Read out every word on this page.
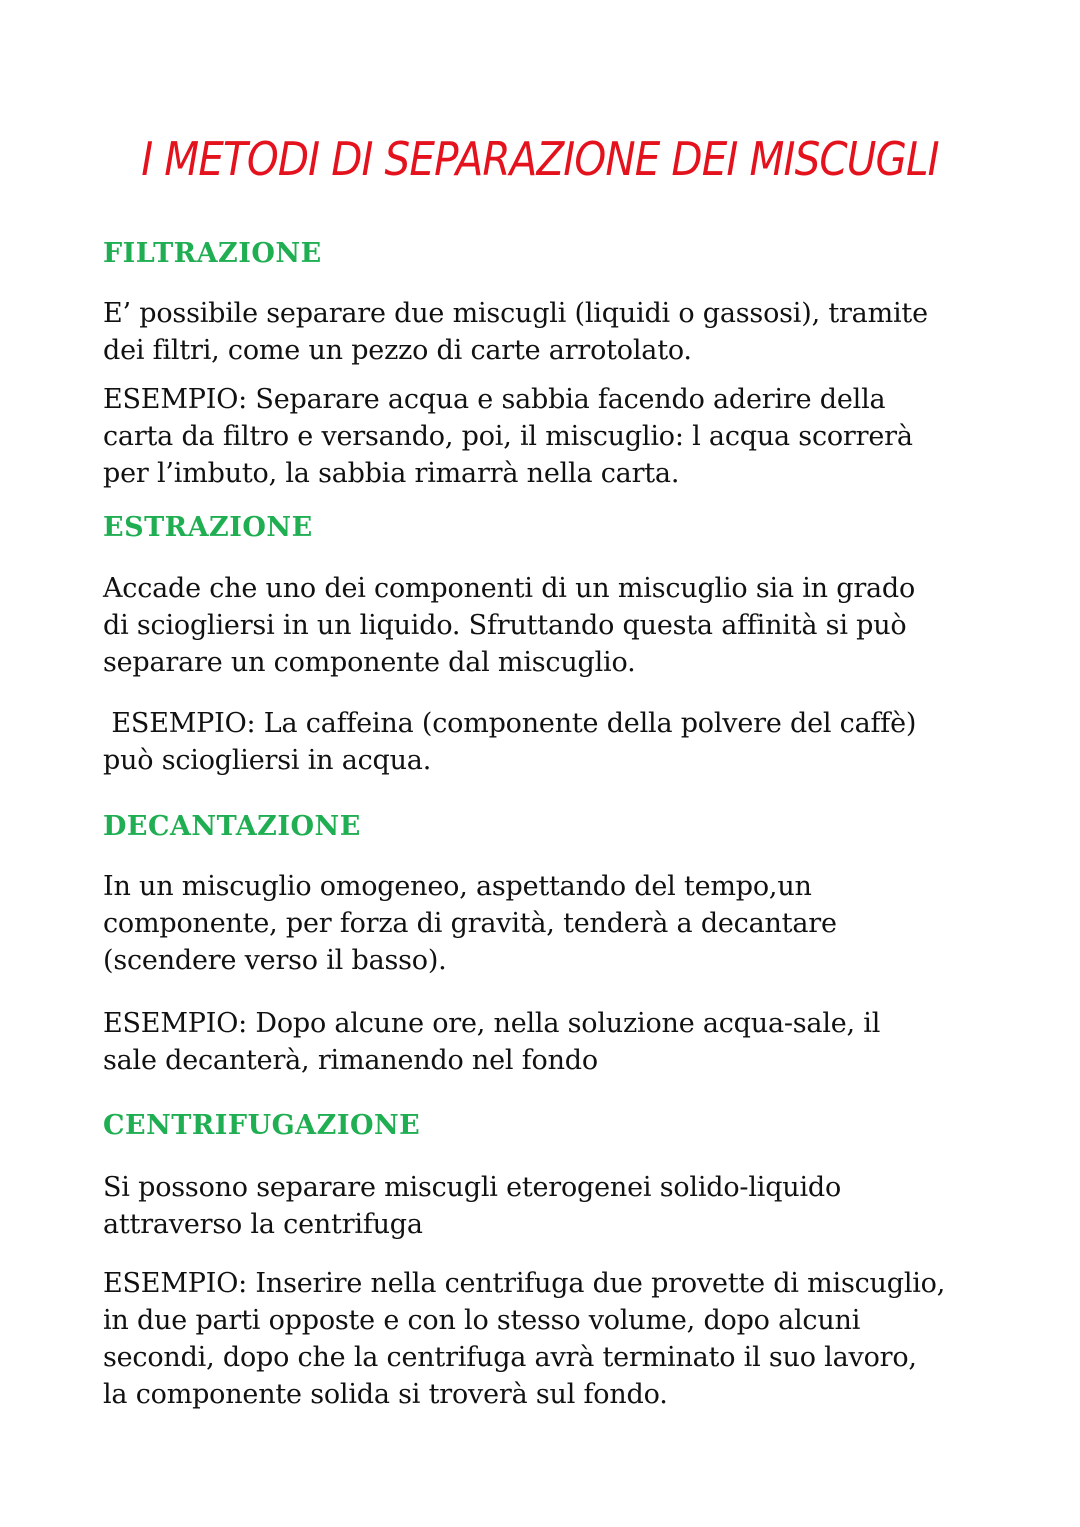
I METODI DI SEPARAZIONE DEI MISCUGLI
FILTRAZIONE
E’ possibile separare due miscugli (liquidi o gassosi), tramite
dei filtri, come un pezzo di carte arrotolato.
ESEMPIO: Separare acqua e sabbia facendo aderire della
carta da filtro e versando, poi, il miscuglio: l acqua scorrerà
per l’imbuto, la sabbia rimarrà nella carta.
ESTRAZIONE
Accade che uno dei componenti di un miscuglio sia in grado
di sciogliersi in un liquido. Sfruttando questa affinità si può
separare un componente dal miscuglio.
ESEMPIO: La caffeina (componente della polvere del caffè)
può sciogliersi in acqua.
DECANTAZIONE
In un miscuglio omogeneo, aspettando del tempo,un
componente, per forza di gravità, tenderà a decantare
(scendere verso il basso).
ESEMPIO: Dopo alcune ore, nella soluzione acqua-sale, il
sale decanterà, rimanendo nel fondo
CENTRIFUGAZIONE
Si possono separare miscugli eterogenei solido-liquido
attraverso la centrifuga
ESEMPIO: Inserire nella centrifuga due provette di miscuglio,
in due parti opposte e con lo stesso volume, dopo alcuni
secondi, dopo che la centrifuga avrà terminato il suo lavoro,
la componente solida si troverà sul fondo.
